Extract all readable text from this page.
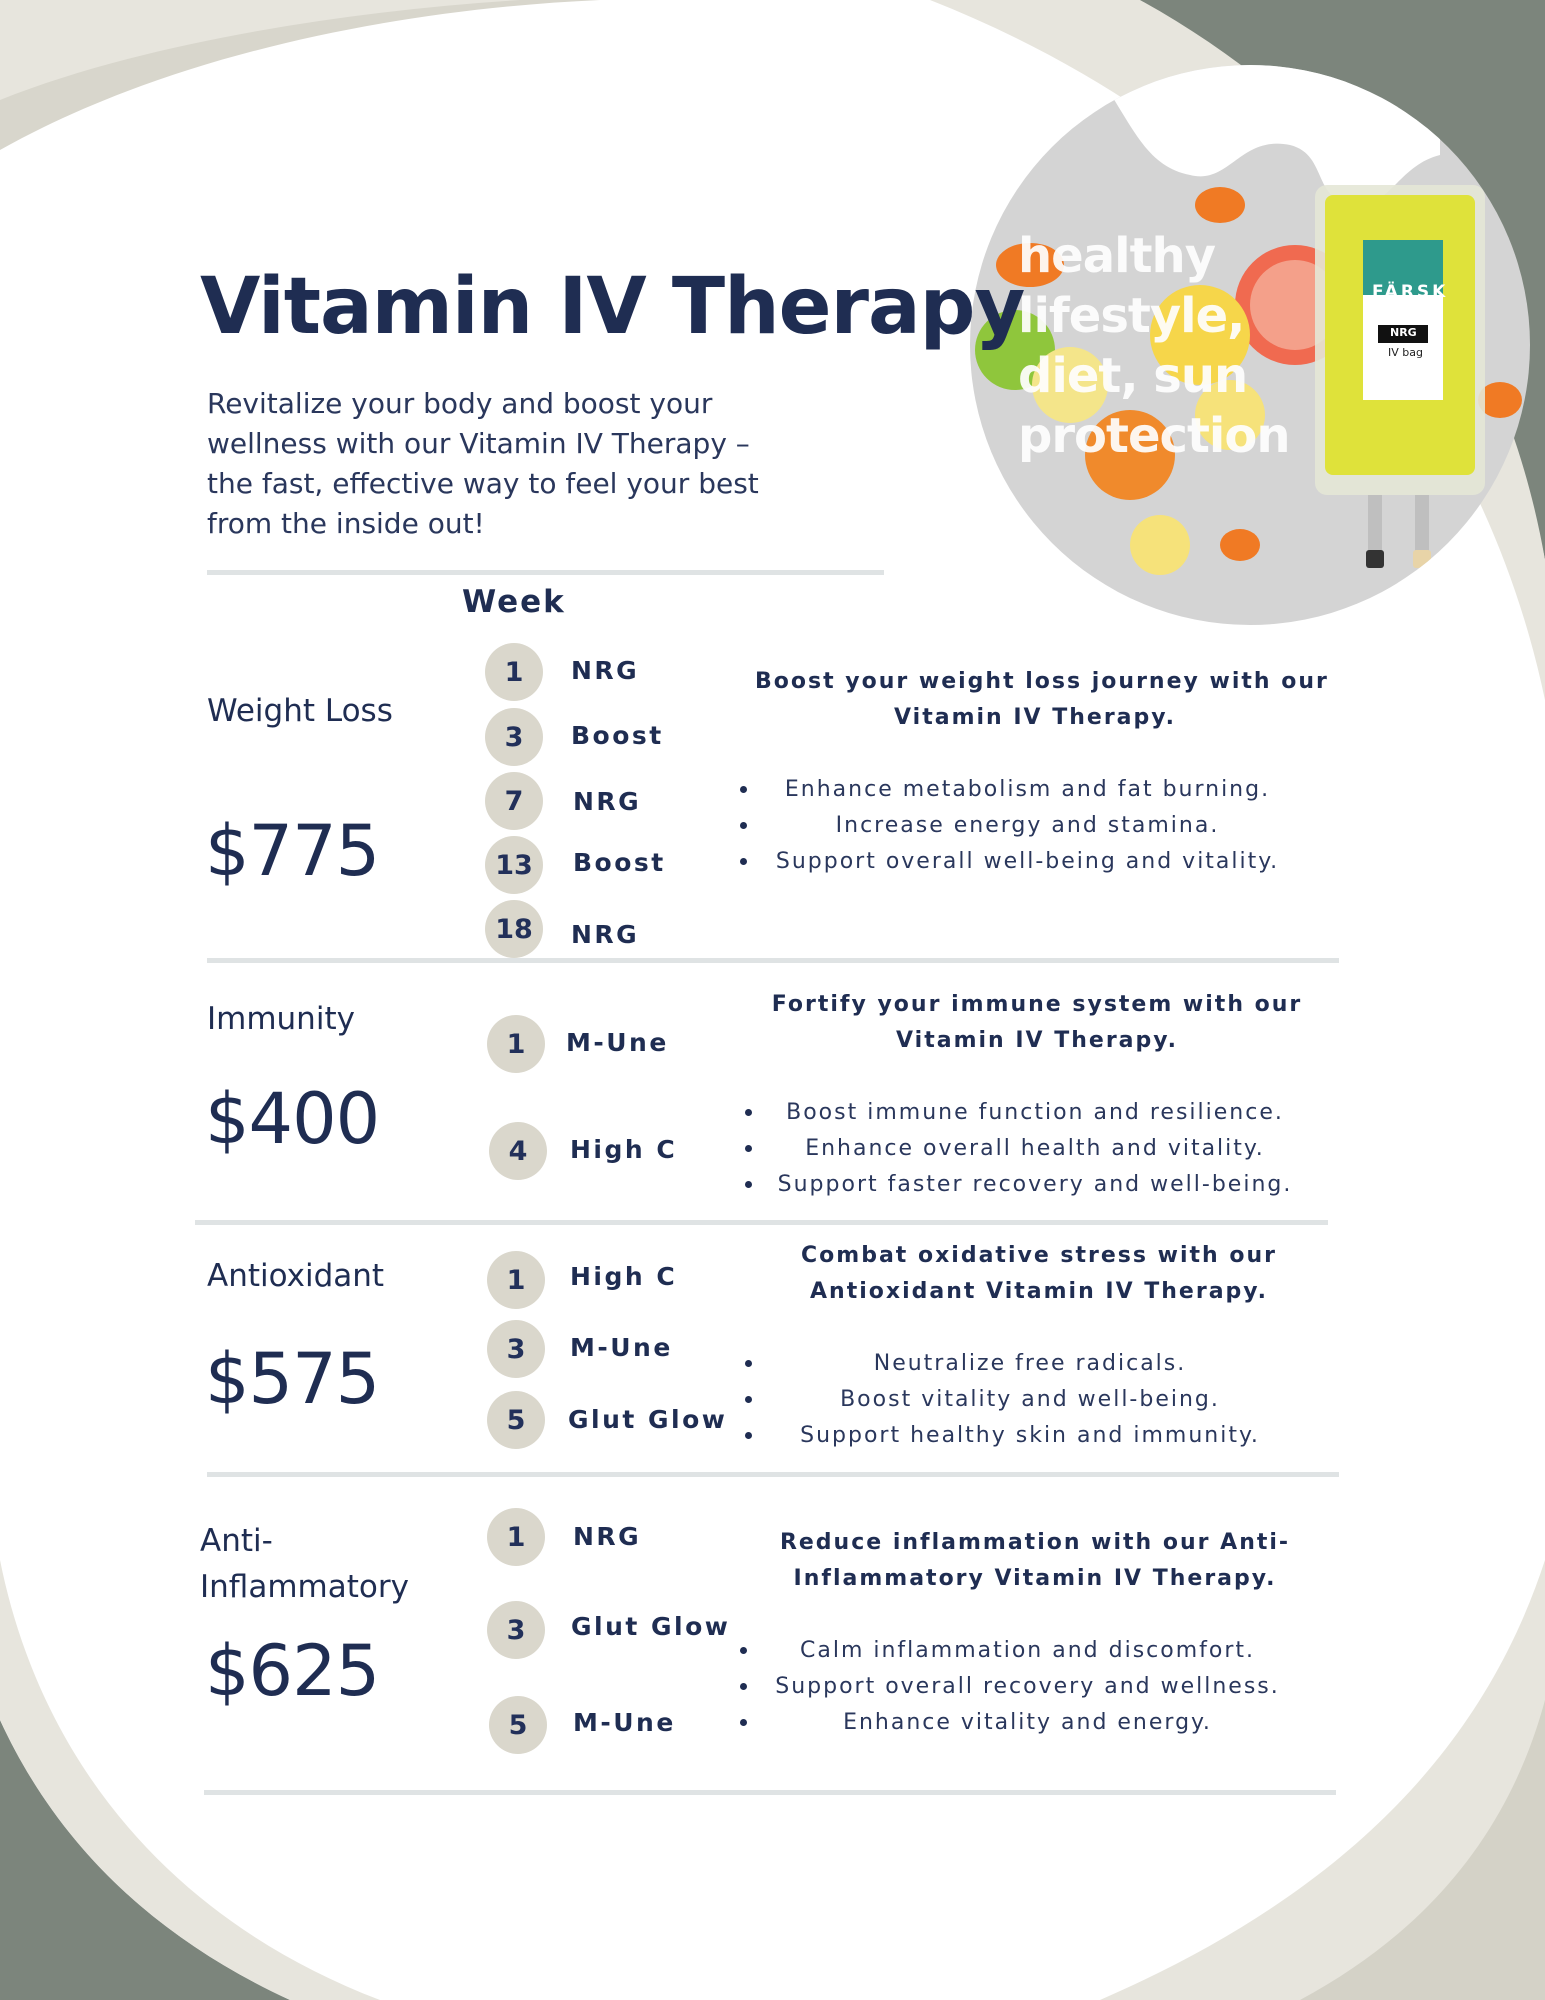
FÄRSK
NRG
IV bag
healthy
lifestyle,
diet, sun
protection
Vitamin IV Therapy
Revitalize your body and boost your
wellness with our Vitamin IV Therapy –
the fast, effective way to feel your best
from the inside out!
Week
Weight Loss
$775
1	NRG
3	Boost
7	NRG
13	Boost
18	NRG
Boost your weight loss journey with our
Vitamin IV Therapy.
Enhance metabolism and fat burning.
Increase energy and stamina.
Support overall well-being and vitality.
Immunity
$400
1	M-Une
4	High C
Fortify your immune system with our
Vitamin IV Therapy.
Boost immune function and resilience.
Enhance overall health and vitality.
Support faster recovery and well-being.
Antioxidant
$575
1	High C
3	M-Une
5	Glut Glow
Combat oxidative stress with our
Antioxidant Vitamin IV Therapy.
Neutralize free radicals.
Boost vitality and well-being.
Support healthy skin and immunity.
Anti-
Inflammatory
$625
1	NRG
3	Glut Glow
5	M-Une
Reduce inflammation with our Anti-
Inflammatory Vitamin IV Therapy.
Calm inflammation and discomfort.
Support overall recovery and wellness.
Enhance vitality and energy.
